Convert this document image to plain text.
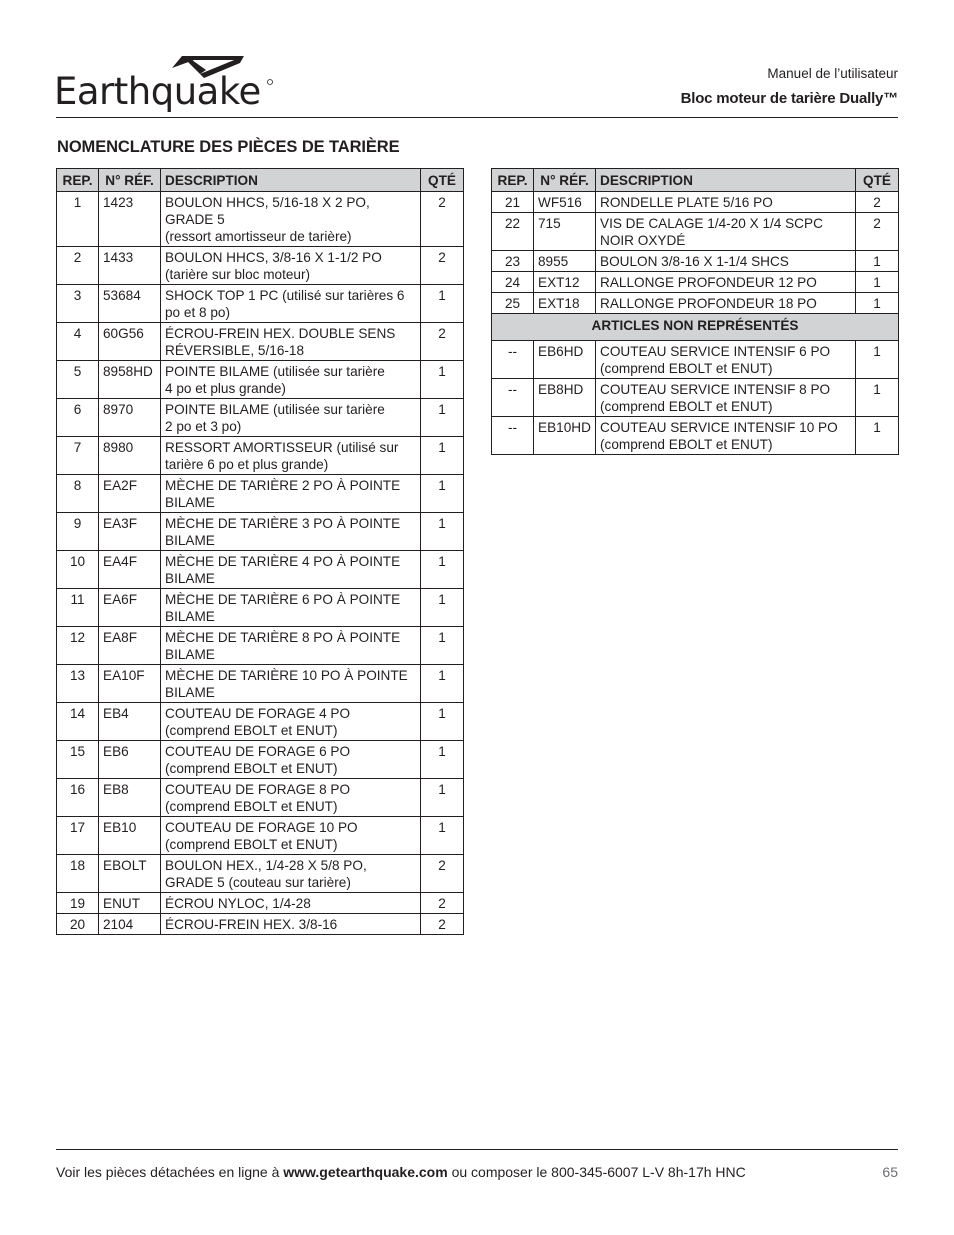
Earthquake	Manuel de l’utilisateur
Bloc moteur de tarière Dually™
NOMENCLATURE DES PIÈCES DE TARIÈRE
REP.	N° RÉF.	DESCRIPTION	QTÉ
1	1423	BOULON HHCS, 5/16-18 X 2 PO,
GRADE 5
(ressort amortisseur de tarière)	2
2	1433	BOULON HHCS, 3/8-16 X 1-1/2 PO
(tarière sur bloc moteur)	2
3	53684	SHOCK TOP 1 PC (utilisé sur tarières 6
po et 8 po)	1
4	60G56	ÉCROU-FREIN HEX. DOUBLE SENS
RÉVERSIBLE, 5/16-18	2
5	8958HD	POINTE BILAME (utilisée sur tarière
4 po et plus grande)	1
6	8970	POINTE BILAME (utilisée sur tarière
2 po et 3 po)	1
7	8980	RESSORT AMORTISSEUR (utilisé sur
tarière 6 po et plus grande)	1
8	EA2F	MÈCHE DE TARIÈRE 2 PO À POINTE
BILAME	1
9	EA3F	MÈCHE DE TARIÈRE 3 PO À POINTE
BILAME	1
10	EA4F	MÈCHE DE TARIÈRE 4 PO À POINTE
BILAME	1
11	EA6F	MÈCHE DE TARIÈRE 6 PO À POINTE
BILAME	1
12	EA8F	MÈCHE DE TARIÈRE 8 PO À POINTE
BILAME	1
13	EA10F	MÈCHE DE TARIÈRE 10 PO À POINTE
BILAME	1
14	EB4	COUTEAU DE FORAGE 4 PO
(comprend EBOLT et ENUT)	1
15	EB6	COUTEAU DE FORAGE 6 PO
(comprend EBOLT et ENUT)	1
16	EB8	COUTEAU DE FORAGE 8 PO
(comprend EBOLT et ENUT)	1
17	EB10	COUTEAU DE FORAGE 10 PO
(comprend EBOLT et ENUT)	1
18	EBOLT	BOULON HEX., 1/4-28 X 5/8 PO,
GRADE 5 (couteau sur tarière)	2
19	ENUT	ÉCROU NYLOC, 1/4-28	2
20	2104	ÉCROU-FREIN HEX. 3/8-16	2
REP.	N° RÉF.	DESCRIPTION	QTÉ
21	WF516	RONDELLE PLATE 5/16 PO	2
22	715	VIS DE CALAGE 1/4-20 X 1/4 SCPC
NOIR OXYDÉ	2
23	8955	BOULON 3/8-16 X 1-1/4 SHCS	1
24	EXT12	RALLONGE PROFONDEUR 12 PO	1
25	EXT18	RALLONGE PROFONDEUR 18 PO	1
ARTICLES NON REPRÉSENTÉS			
--	EB6HD	COUTEAU SERVICE INTENSIF 6 PO
(comprend EBOLT et ENUT)	1
--	EB8HD	COUTEAU SERVICE INTENSIF 8 PO
(comprend EBOLT et ENUT)	1
--	EB10HD	COUTEAU SERVICE INTENSIF 10 PO
(comprend EBOLT et ENUT)	1
Voir les pièces détachées en ligne à www.getearthquake.com ou composer le 800-345-6007 L-V 8h-17h HNC	65
